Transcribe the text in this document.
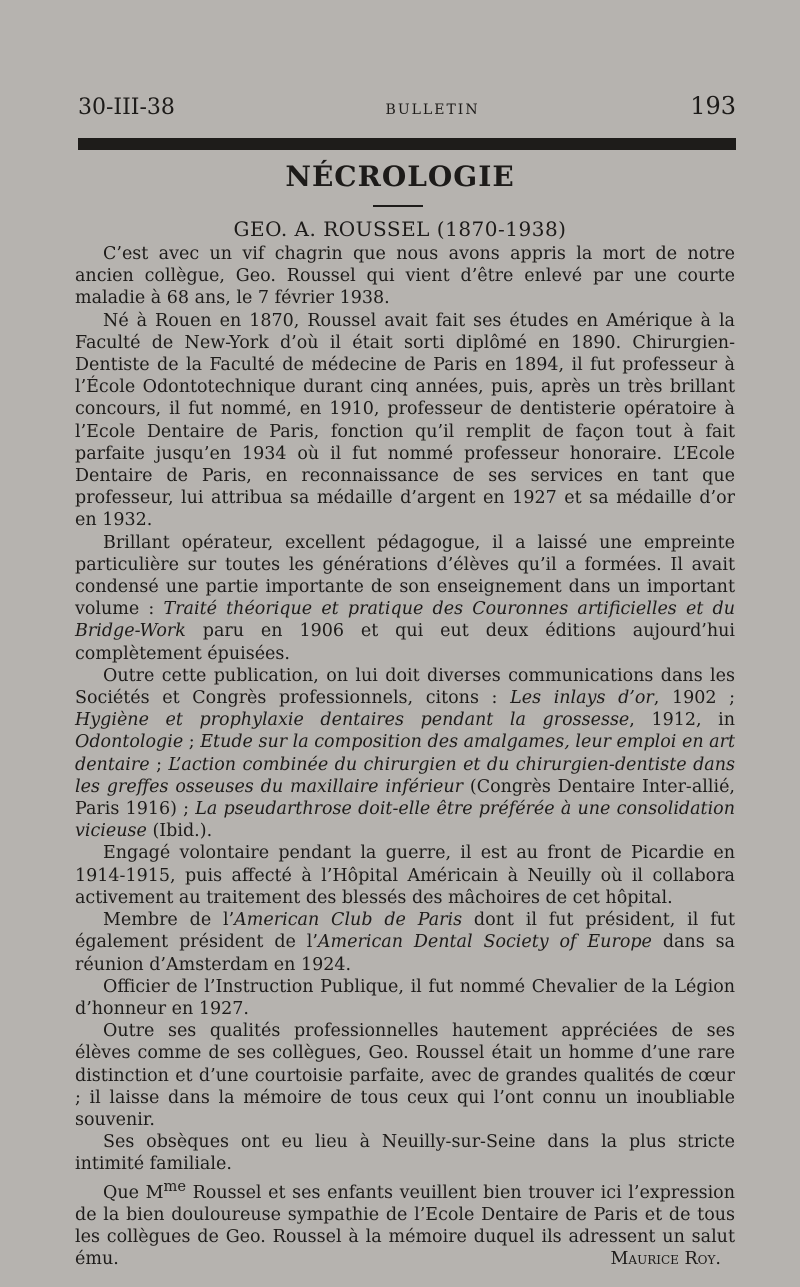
30-III-38	BULLETIN	193
NÉCROLOGIE
GEO. A. ROUSSEL (1870-1938)

C’est avec un vif chagrin que nous avons appris la mort de notre ancien collègue, Geo. Roussel qui vient d’être enlevé par une courte maladie à 68 ans, le 7 février 1938.

Né à Rouen en 1870, Roussel avait fait ses études en Amérique à la Faculté de New-York d’où il était sorti diplômé en 1890. Chirurgien-Dentiste de la Faculté de médecine de Paris en 1894, il fut professeur à l’École Odontotechnique durant cinq années, puis, après un très brillant concours, il fut nommé, en 1910, professeur de dentisterie opératoire à l’Ecole Dentaire de Paris, fonction qu’il remplit de façon tout à fait parfaite jusqu’en 1934 où il fut nommé professeur honoraire. L’Ecole Dentaire de Paris, en reconnaissance de ses services en tant que professeur, lui attribua sa médaille d’argent en 1927 et sa médaille d’or en 1932.

Brillant opérateur, excellent pédagogue, il a laissé une empreinte particulière sur toutes les générations d’élèves qu’il a formées. Il avait condensé une partie importante de son enseignement dans un important volume : Traité théorique et pratique des Couronnes artificielles et du Bridge-Work paru en 1906 et qui eut deux éditions aujourd’hui complètement épuisées.

Outre cette publication, on lui doit diverses communications dans les Sociétés et Congrès professionnels, citons : Les inlays d’or, 1902 ; Hygiène et prophylaxie dentaires pendant la grossesse, 1912, in Odontologie ; Etude sur la composition des amalgames, leur emploi en art dentaire ; L’action combinée du chirurgien et du chirurgien-dentiste dans les greffes osseuses du maxillaire inférieur (Congrès Dentaire Inter-allié, Paris 1916) ; La pseudarthrose doit-elle être préférée à une consolidation vicieuse (Ibid.).

Engagé volontaire pendant la guerre, il est au front de Picardie en 1914-1915, puis affecté à l’Hôpital Américain à Neuilly où il collabora activement au traitement des blessés des mâchoires de cet hôpital.

Membre de l’American Club de Paris dont il fut président, il fut également président de l’American Dental Society of Europe dans sa réunion d’Amsterdam en 1924.

Officier de l’Instruction Publique, il fut nommé Chevalier de la Légion d’honneur en 1927.

Outre ses qualités professionnelles hautement appréciées de ses élèves comme de ses collègues, Geo. Roussel était un homme d’une rare distinction et d’une courtoisie parfaite, avec de grandes qualités de cœur ; il laisse dans la mémoire de tous ceux qui l’ont connu un inoubliable souvenir.

Ses obsèques ont eu lieu à Neuilly-sur-Seine dans la plus stricte intimité familiale.

Que $M^{me}$ Roussel et ses enfants veuillent bien trouver ici l’expression de la bien douloureuse sympathie de l’Ecole Dentaire de Paris et de tous les collègues de Geo. Roussel à la mémoire duquel ils adressent un salut ému.	Maurice Roy.
